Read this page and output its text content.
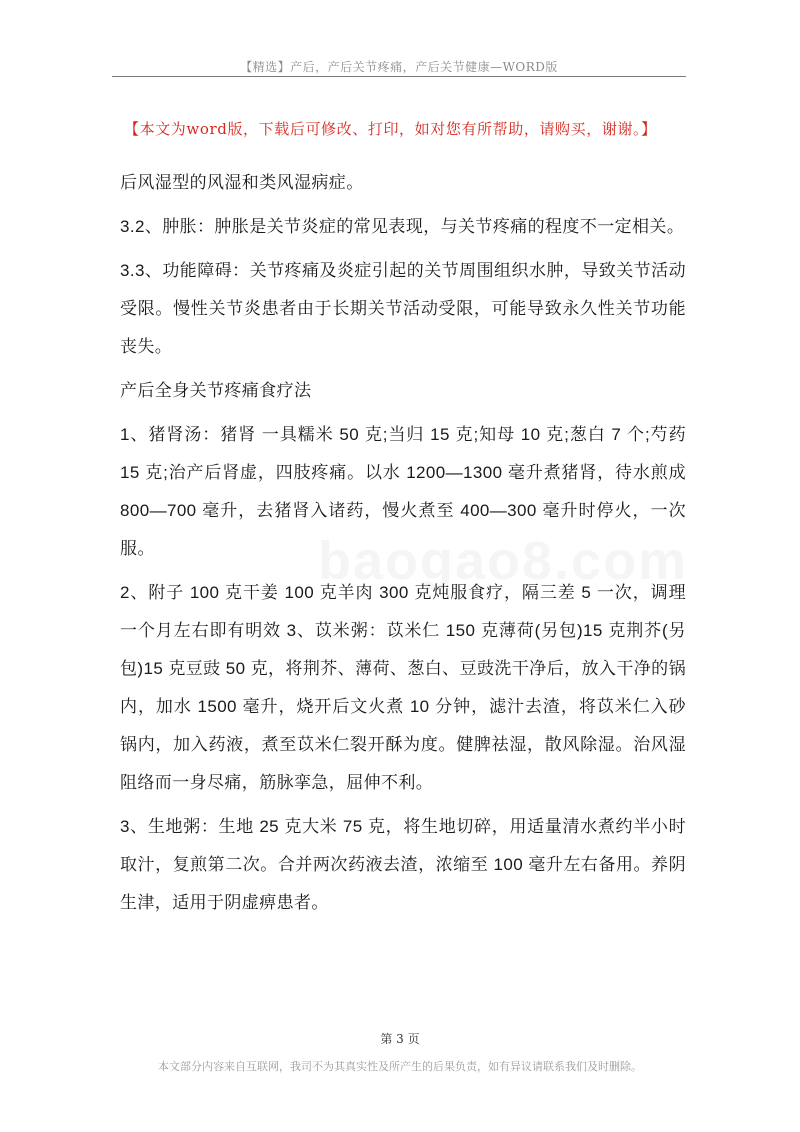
【精选】产后，产后关节疼痛，产后关节健康—WORD版
【本文为word版，下载后可修改、打印，如对您有所帮助，请购买，谢谢。】
baogao8.com

后风湿型的风湿和类风湿病症。

3.2、肿胀：肿胀是关节炎症的常见表现，与关节疼痛的程度不一定相关。

3.3、功能障碍：关节疼痛及炎症引起的关节周围组织水肿，导致关节活动受限。慢性关节炎患者由于长期关节活动受限，可能导致永久性关节功能丧失。

产后全身关节疼痛食疗法

1、猪肾汤：猪肾 一具糯米 50 克;当归 15 克;知母 10 克;葱白 7 个;芍药 15 克;治产后肾虚，四肢疼痛。以水 1200—1300 毫升煮猪肾，待水煎成 800—700 毫升，去猪肾入诸药，慢火煮至 400—300 毫升时停火，一次服。

2、附子 100 克干姜 100 克羊肉 300 克炖服食疗，隔三差 5 一次，调理一个月左右即有明效 3、苡米粥：苡米仁 150 克薄荷(另包)15 克荆芥(另包)15 克豆豉 50 克，将荆芥、薄荷、葱白、豆豉洗干净后，放入干净的锅内，加水 1500 毫升，烧开后文火煮 10 分钟，滤汁去渣，将苡米仁入砂锅内，加入药液，煮至苡米仁裂开酥为度。健脾祛湿，散风除湿。治风湿阻络而一身尽痛，筋脉挛急，屈伸不利。

3、生地粥：生地 25 克大米 75 克，将生地切碎，用适量清水煮约半小时取汁，复煎第二次。合并两次药液去渣，浓缩至 100 毫升左右备用。养阴生津，适用于阴虚痹患者。

第 3 页
本文部分内容来自互联网，我司不为其真实性及所产生的后果负责，如有异议请联系我们及时删除。
